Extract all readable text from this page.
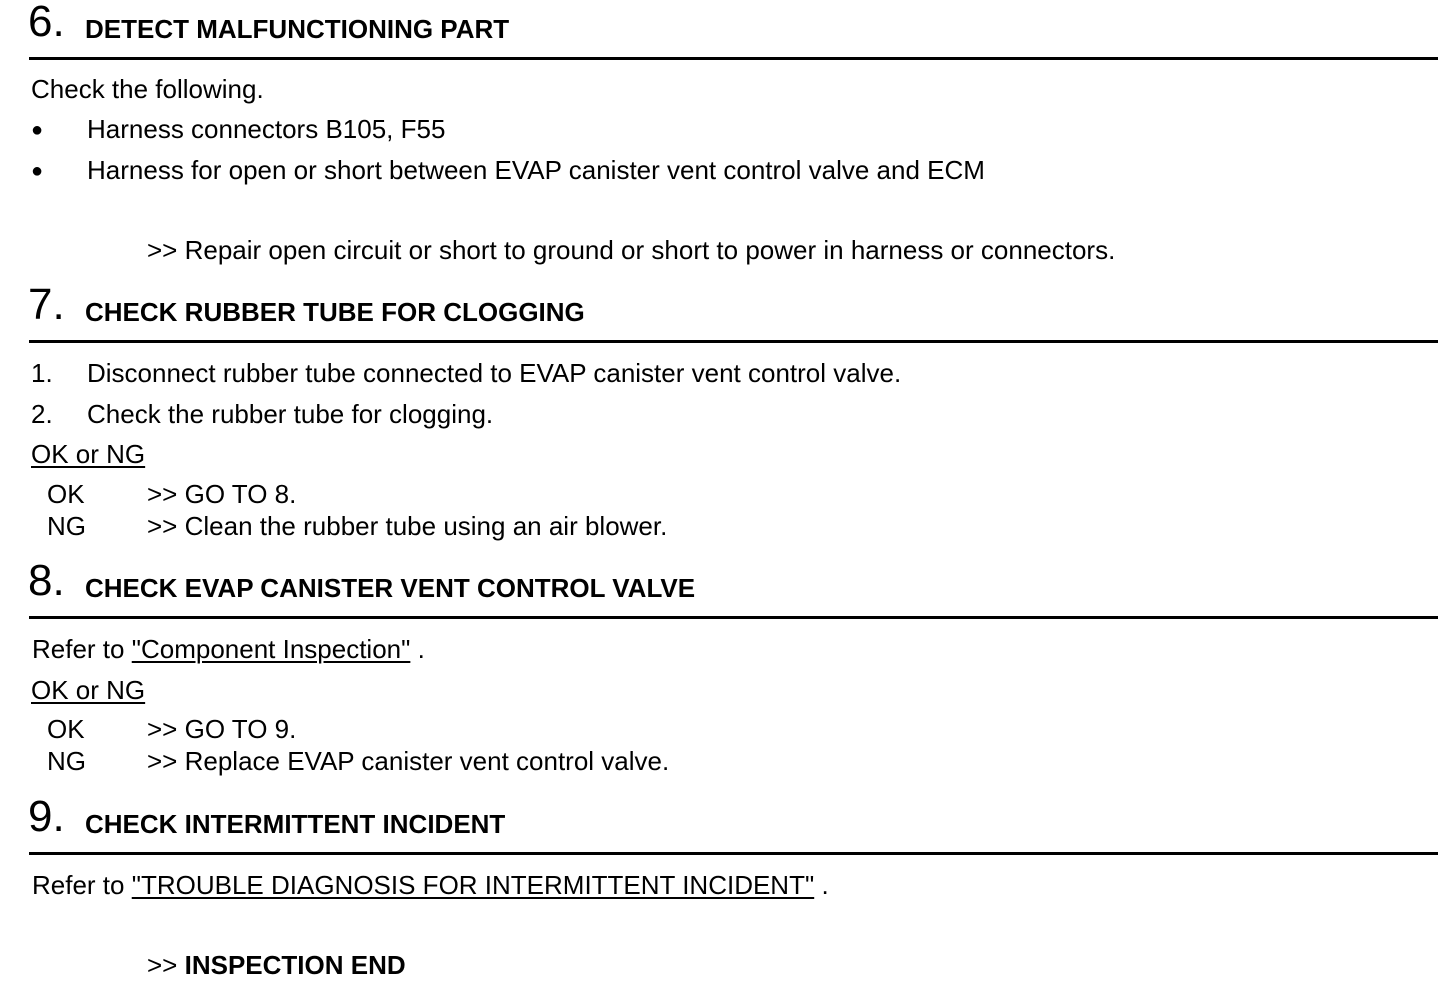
6. DETECT MALFUNCTIONING PART
Check the following.
● Harness connectors B105, F55
● Harness for open or short between EVAP canister vent control valve and ECM
>> Repair open circuit or short to ground or short to power in harness or connectors.
7. CHECK RUBBER TUBE FOR CLOGGING
1. Disconnect rubber tube connected to EVAP canister vent control valve.
2. Check the rubber tube for clogging.
OK or NG
OK >> GO TO 8.
NG >> Clean the rubber tube using an air blower.
8. CHECK EVAP CANISTER VENT CONTROL VALVE
Refer to "Component Inspection" .
OK or NG
OK >> GO TO 9.
NG >> Replace EVAP canister vent control valve.
9. CHECK INTERMITTENT INCIDENT
Refer to "TROUBLE DIAGNOSIS FOR INTERMITTENT INCIDENT" .
>> INSPECTION END
